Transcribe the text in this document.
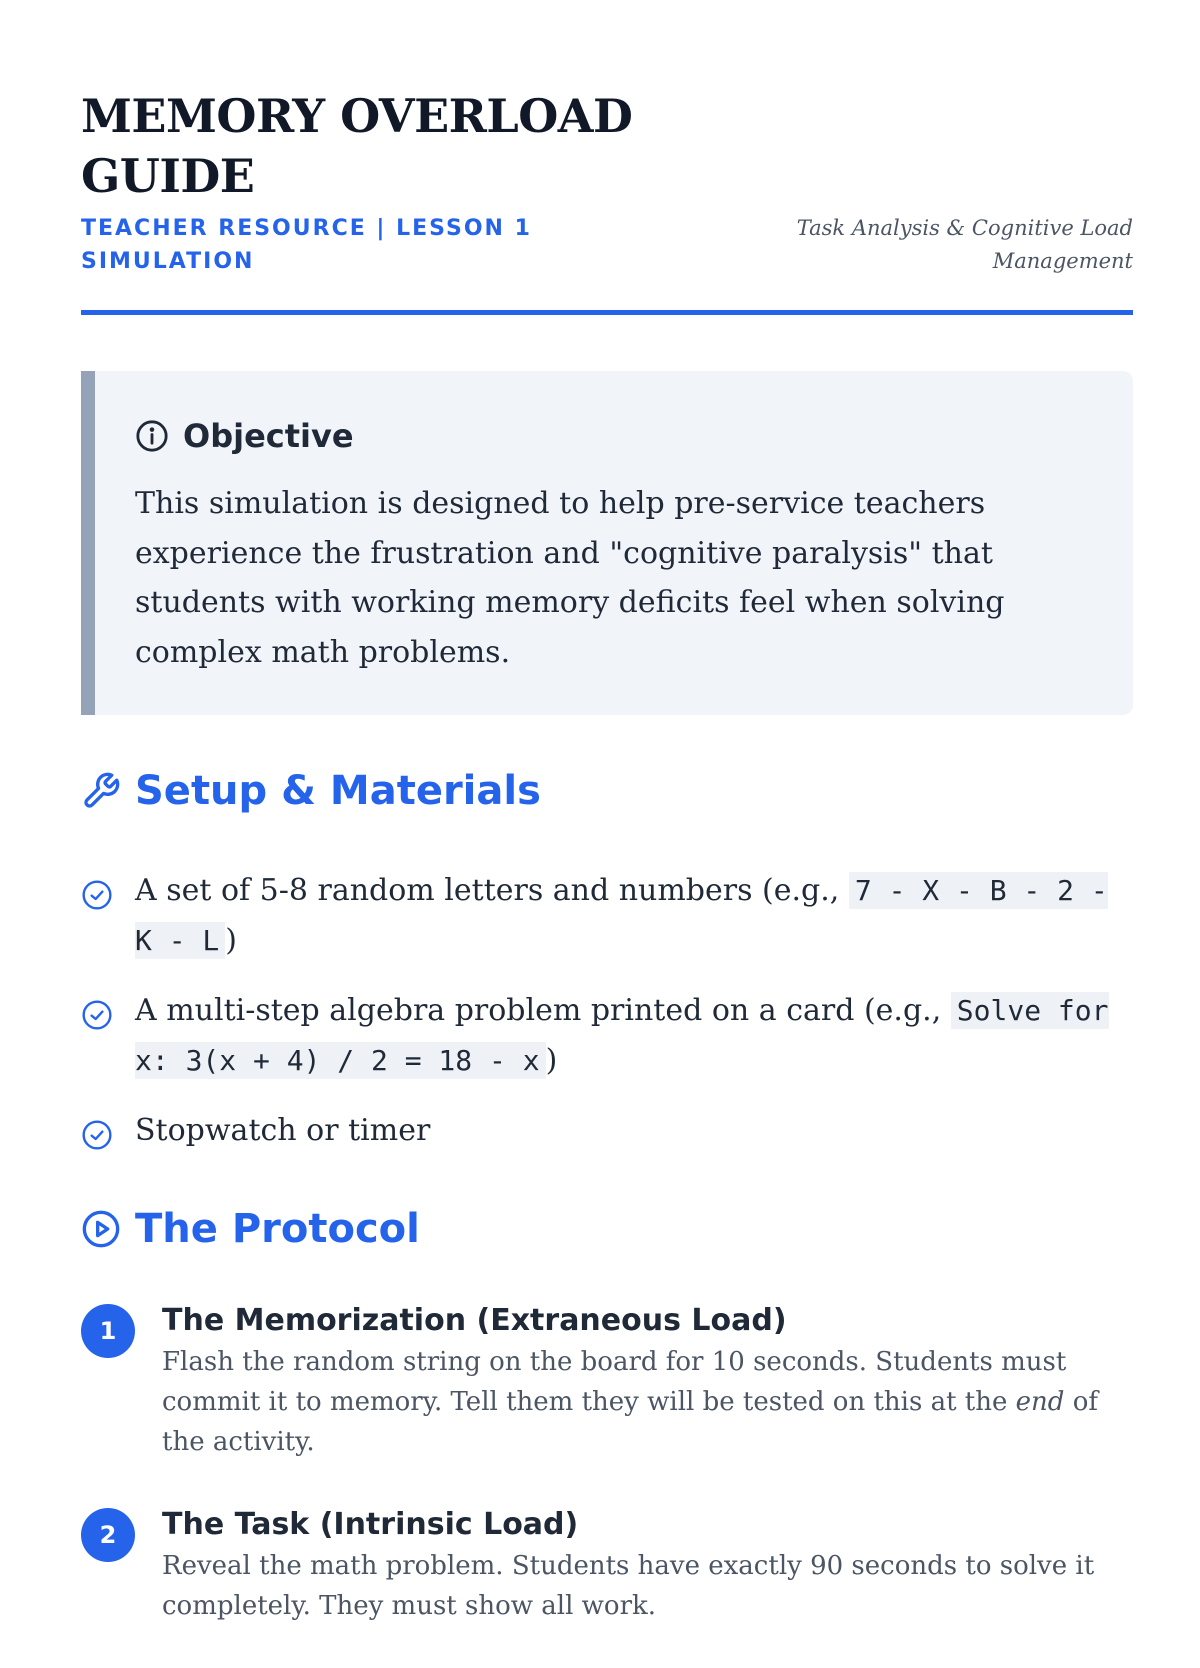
MEMORY OVERLOAD GUIDE
TEACHER RESOURCE | LESSON 1 SIMULATION
Task Analysis & Cognitive Load Management
Objective

This simulation is designed to help pre-service teachers experience the frustration and "cognitive paralysis" that students with working memory deficits feel when solving complex math problems.

Setup & Materials
A set of 5-8 random letters and numbers (e.g., 7 - X - B - 2 - K - L )
A multi-step algebra problem printed on a card (e.g., Solve for x: 3(x + 4) / 2 = 18 - x )
Stopwatch or timer
The Protocol
1	The Memorization (Extraneous Load)

Flash the random string on the board for 10 seconds. Students must commit it to memory. Tell them they will be tested on this at the end of the activity.

2	The Task (Intrinsic Load)

Reveal the math problem. Students have exactly 90 seconds to solve it completely. They must show all work.
